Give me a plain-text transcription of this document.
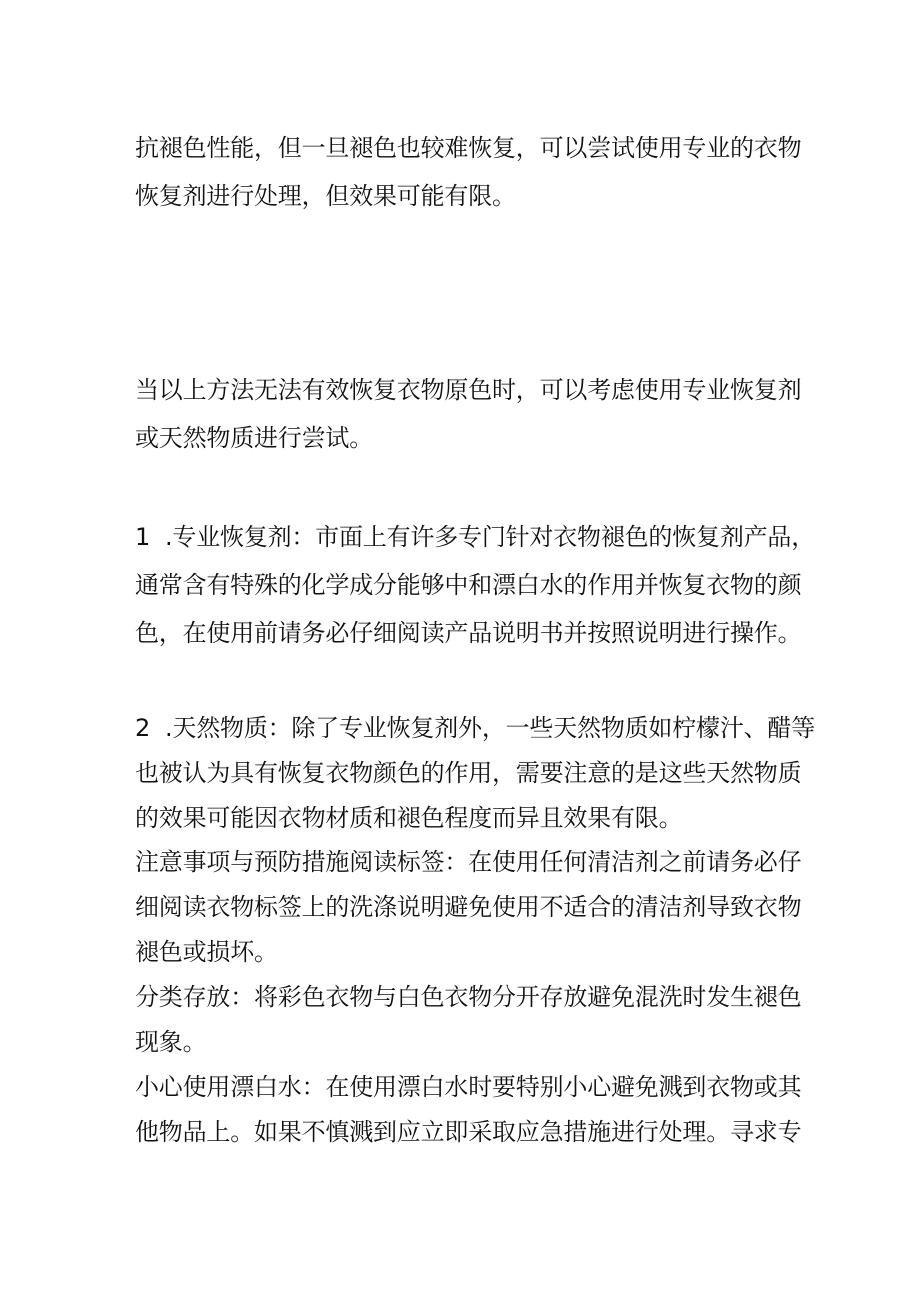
抗褪色性能，但一旦褪色也较难恢复，可以尝试使用专业的衣物
恢复剂进行处理，但效果可能有限。
当以上方法无法有效恢复衣物原色时，可以考虑使用专业恢复剂
或天然物质进行尝试。
1 .专业恢复剂：市面上有许多专门针对衣物褪色的恢复剂产品，
通常含有特殊的化学成分能够中和漂白水的作用并恢复衣物的颜
色，在使用前请务必仔细阅读产品说明书并按照说明进行操作。
2 .天然物质：除了专业恢复剂外，一些天然物质如柠檬汁、醋等
也被认为具有恢复衣物颜色的作用，需要注意的是这些天然物质
的效果可能因衣物材质和褪色程度而异且效果有限。
注意事项与预防措施阅读标签：在使用任何清洁剂之前请务必仔
细阅读衣物标签上的洗涤说明避免使用不适合的清洁剂导致衣物
褪色或损坏。
分类存放：将彩色衣物与白色衣物分开存放避免混洗时发生褪色
现象。
小心使用漂白水：在使用漂白水时要特别小心避免溅到衣物或其
他物品上。如果不慎溅到应立即采取应急措施进行处理。寻求专
